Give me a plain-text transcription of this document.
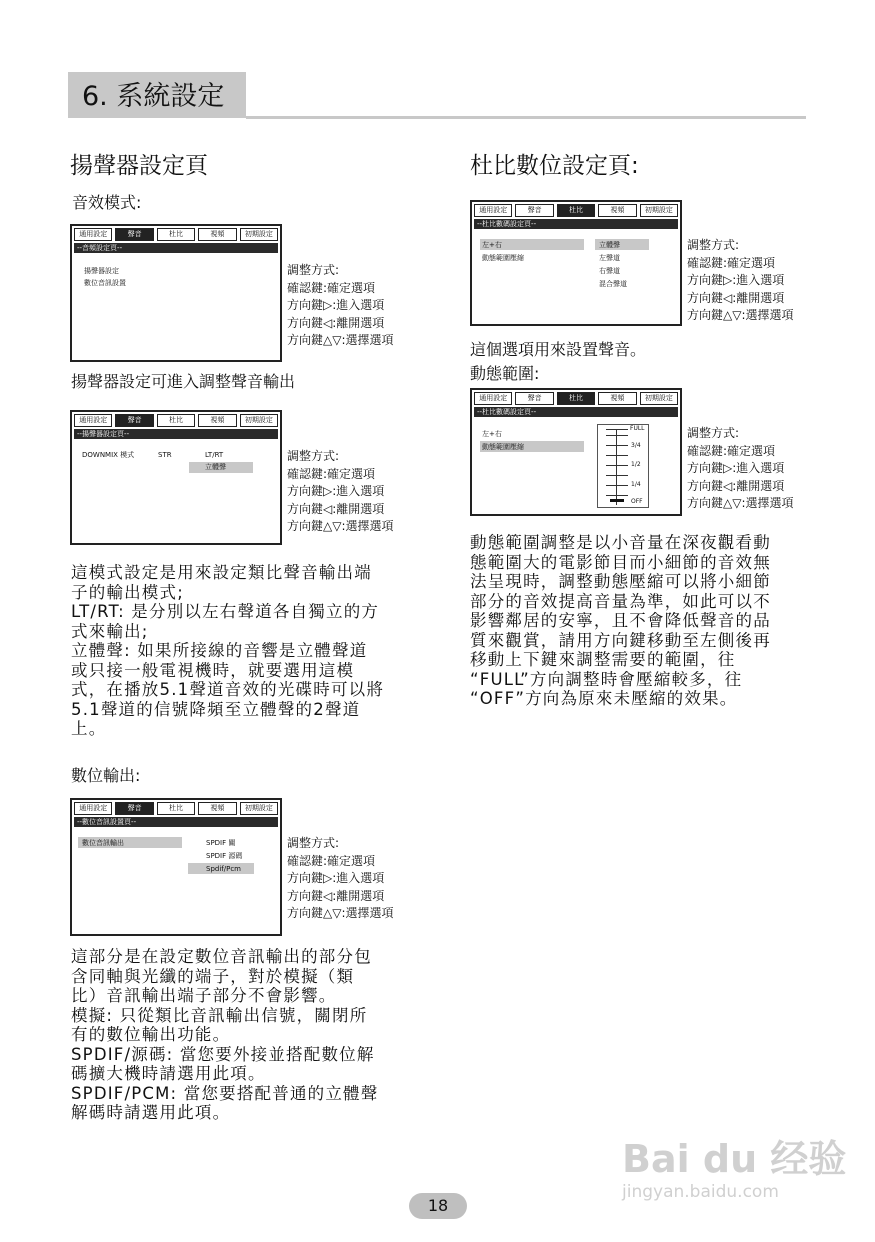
6. 系統設定
揚聲器設定頁
音效模式:
通用設定	聲音	杜比	視頻	初期設定
--音頻設定頁--
揚聲器設定
數位音訊設置
調整方式:
確認鍵:確定選項
方向鍵▷:進入選項
方向鍵◁:離開選項
方向鍵△▽:選擇選項
揚聲器設定可進入調整聲音輸出
通用設定	聲音	杜比	視頻	初期設定
--揚聲器設定頁--
DOWNMIX 模式	STR	LT/RT
立體聲
調整方式:
確認鍵:確定選項
方向鍵▷:進入選項
方向鍵◁:離開選項
方向鍵△▽:選擇選項
這模式設定是用來設定類比聲音輸出端
子的輸出模式;
LT/RT: 是分別以左右聲道各自獨立的方
式來輸出;
立體聲: 如果所接線的音響是立體聲道
或只接一般電視機時，就要選用這模
式，在播放5.1聲道音效的光碟時可以將
5.1聲道的信號降頻至立體聲的2聲道
上。
數位輸出:
通用設定	聲音	杜比	視頻	初期設定
--數位音訊設置頁--
數位音訊輸出	SPDIF 關
SPDIF 源碼
Spdif/Pcm
調整方式:
確認鍵:確定選項
方向鍵▷:進入選項
方向鍵◁:離開選項
方向鍵△▽:選擇選項
這部分是在設定數位音訊輸出的部分包
含同軸與光纖的端子，對於模擬（類
比）音訊輸出端子部分不會影響。
模擬: 只從類比音訊輸出信號，關閉所
有的數位輸出功能。
SPDIF/源碼: 當您要外接並搭配數位解
碼擴大機時請選用此項。
SPDIF/PCM: 當您要搭配普通的立體聲
解碼時請選用此項。
杜比數位設定頁:
通用設定	聲音	杜比	視頻	初期設定
--杜比數碼設定頁--
左+右
動態範圍壓縮
立體聲
左聲道
右聲道
混合聲道
調整方式:
確認鍵:確定選項
方向鍵▷:進入選項
方向鍵◁:離開選項
方向鍵△▽:選擇選項
這個選項用來設置聲音。
動態範圍:
通用設定	聲音	杜比	視頻	初期設定
--杜比數碼設定頁--
左+右
動態範圍壓縮
FULL
3/4
1/2
1/4
OFF
調整方式:
確認鍵:確定選項
方向鍵▷:進入選項
方向鍵◁:離開選項
方向鍵△▽:選擇選項
動態範圍調整是以小音量在深夜觀看動
態範圍大的電影節目而小細節的音效無
法呈現時，調整動態壓縮可以將小細節
部分的音效提高音量為準，如此可以不
影響鄰居的安寧，且不會降低聲音的品
質來觀賞，請用方向鍵移動至左側後再
移動上下鍵來調整需要的範圍，往
“FULL”方向調整時會壓縮較多，往
“OFF”方向為原來未壓縮的效果。
Bai du 经验
jingyan.baidu.com
18
